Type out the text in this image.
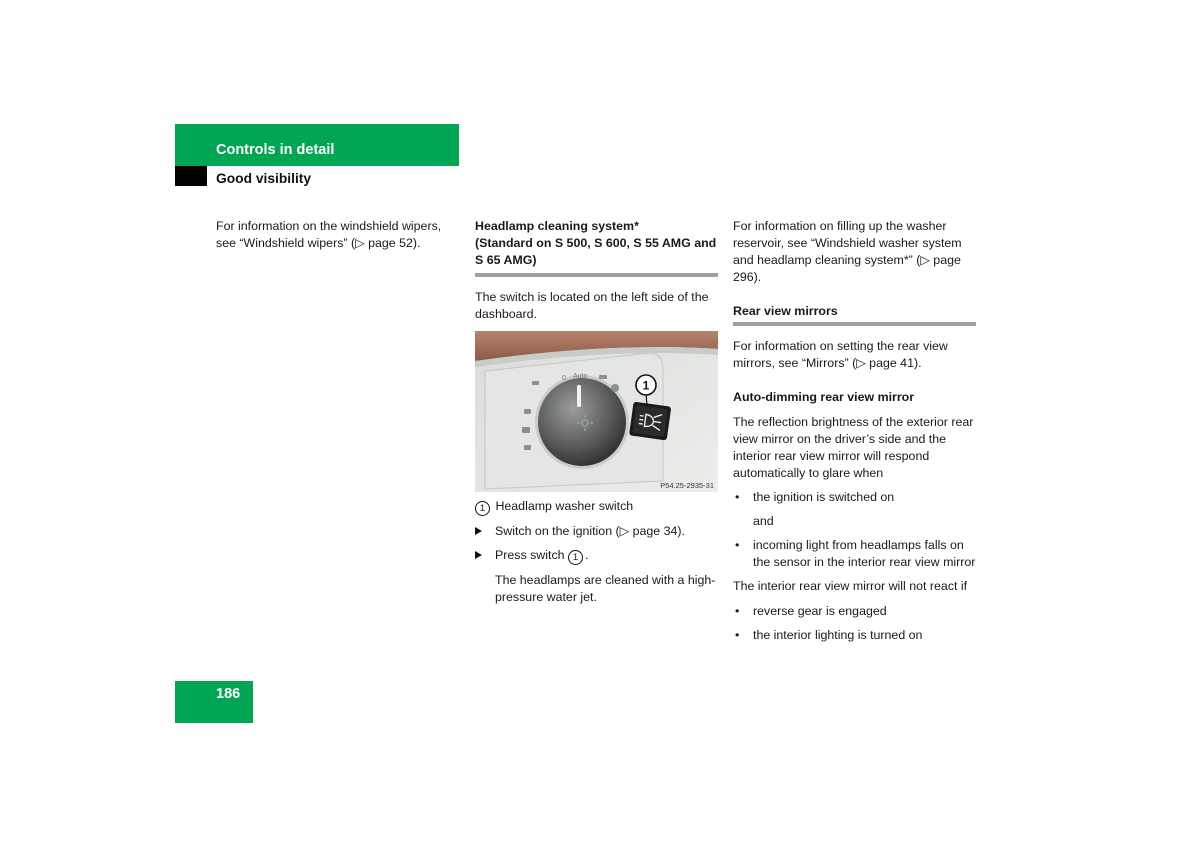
Controls in detail
Good visibility

For information on the windshield wipers, see “Windshield wipers” (▷ page 52).

Headlamp cleaning system*
(Standard on S 500, S 600, S 55 AMG and S 65 AMG)

The switch is located on the left side of the dashboard.

0 Auto
1
P54.25-2935-31

1 Headlamp washer switch

Switch on the ignition (▷ page 34).

Press switch 1 .

The headlamps are cleaned with a high-pressure water jet.

For information on filling up the washer reservoir, see “Windshield washer system and headlamp cleaning system*” (▷ page 296).

Rear view mirrors

For information on setting the rear view mirrors, see “Mirrors” (▷ page 41).

Auto-dimming rear view mirror

The reflection brightness of the exterior rear view mirror on the driver’s side and the interior rear view mirror will respond automatically to glare when

• the ignition is switched on

and

• incoming light from headlamps falls on the sensor in the interior rear view mirror

The interior rear view mirror will not react if

• reverse gear is engaged

• the interior lighting is turned on

186
